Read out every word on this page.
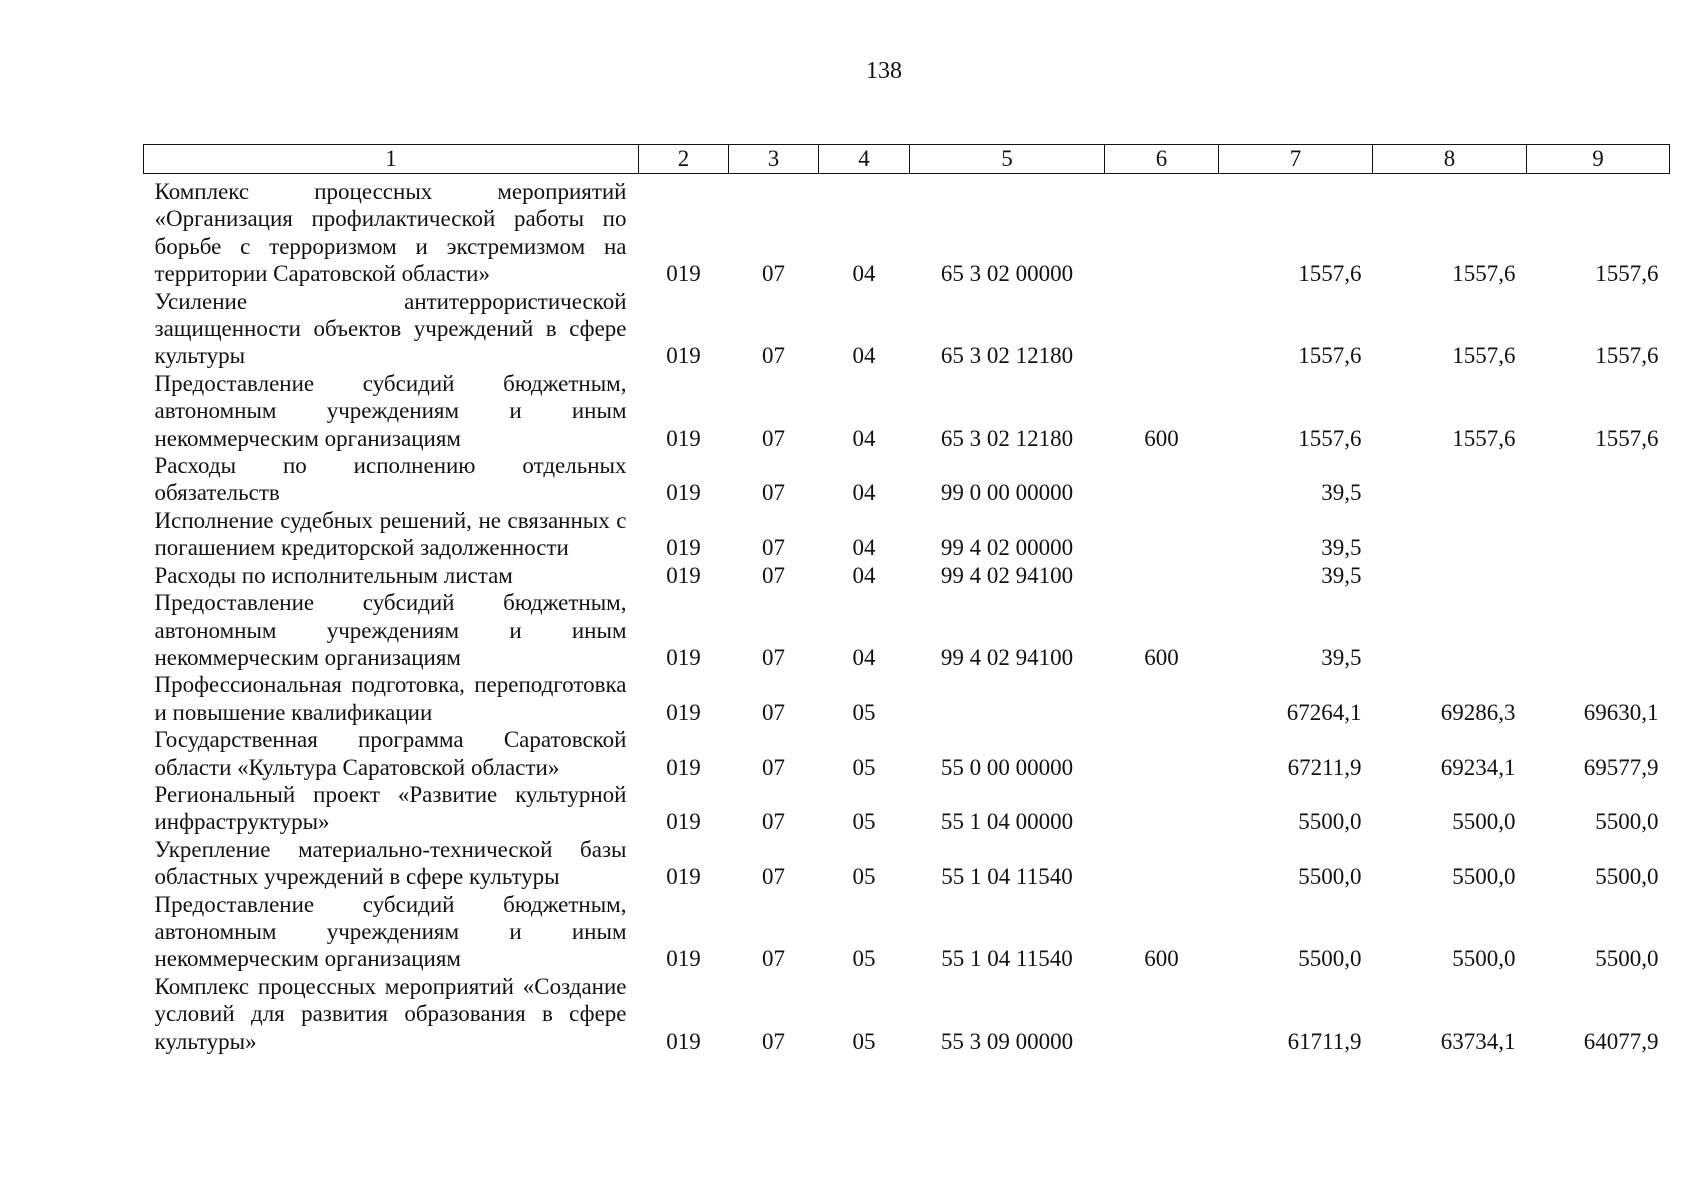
138
1	2	3	4	5	6	7	8	9
Комплекс процессных мероприятий «Организация профилактической работы по борьбе с терроризмом и экстремизмом на территории Саратовской области»	019	07	04	65 3 02 00000		1557,6	1557,6	1557,6
Усиление антитеррористической защищенности объектов учреждений в сфере культуры	019	07	04	65 3 02 12180		1557,6	1557,6	1557,6
Предоставление субсидий бюджетным, автономным учреждениям и иным некоммерческим организациям	019	07	04	65 3 02 12180	600	1557,6	1557,6	1557,6
Расходы по исполнению отдельных обязательств	019	07	04	99 0 00 00000		39,5		
Исполнение судебных решений, не связанных с погашением кредиторской задолженности	019	07	04	99 4 02 00000		39,5		
Расходы по исполнительным листам	019	07	04	99 4 02 94100		39,5		
Предоставление субсидий бюджетным, автономным учреждениям и иным некоммерческим организациям	019	07	04	99 4 02 94100	600	39,5		
Профессиональная подготовка, переподготовка и повышение квалификации	019	07	05			67264,1	69286,3	69630,1
Государственная программа Саратовской области «Культура Саратовской области»	019	07	05	55 0 00 00000		67211,9	69234,1	69577,9
Региональный проект «Развитие культурной инфраструктуры»	019	07	05	55 1 04 00000		5500,0	5500,0	5500,0
Укрепление материально-технической базы областных учреждений в сфере культуры	019	07	05	55 1 04 11540		5500,0	5500,0	5500,0
Предоставление субсидий бюджетным, автономным учреждениям и иным некоммерческим организациям	019	07	05	55 1 04 11540	600	5500,0	5500,0	5500,0
Комплекс процессных мероприятий «Создание условий для развития образования в сфере культуры»	019	07	05	55 3 09 00000		61711,9	63734,1	64077,9
